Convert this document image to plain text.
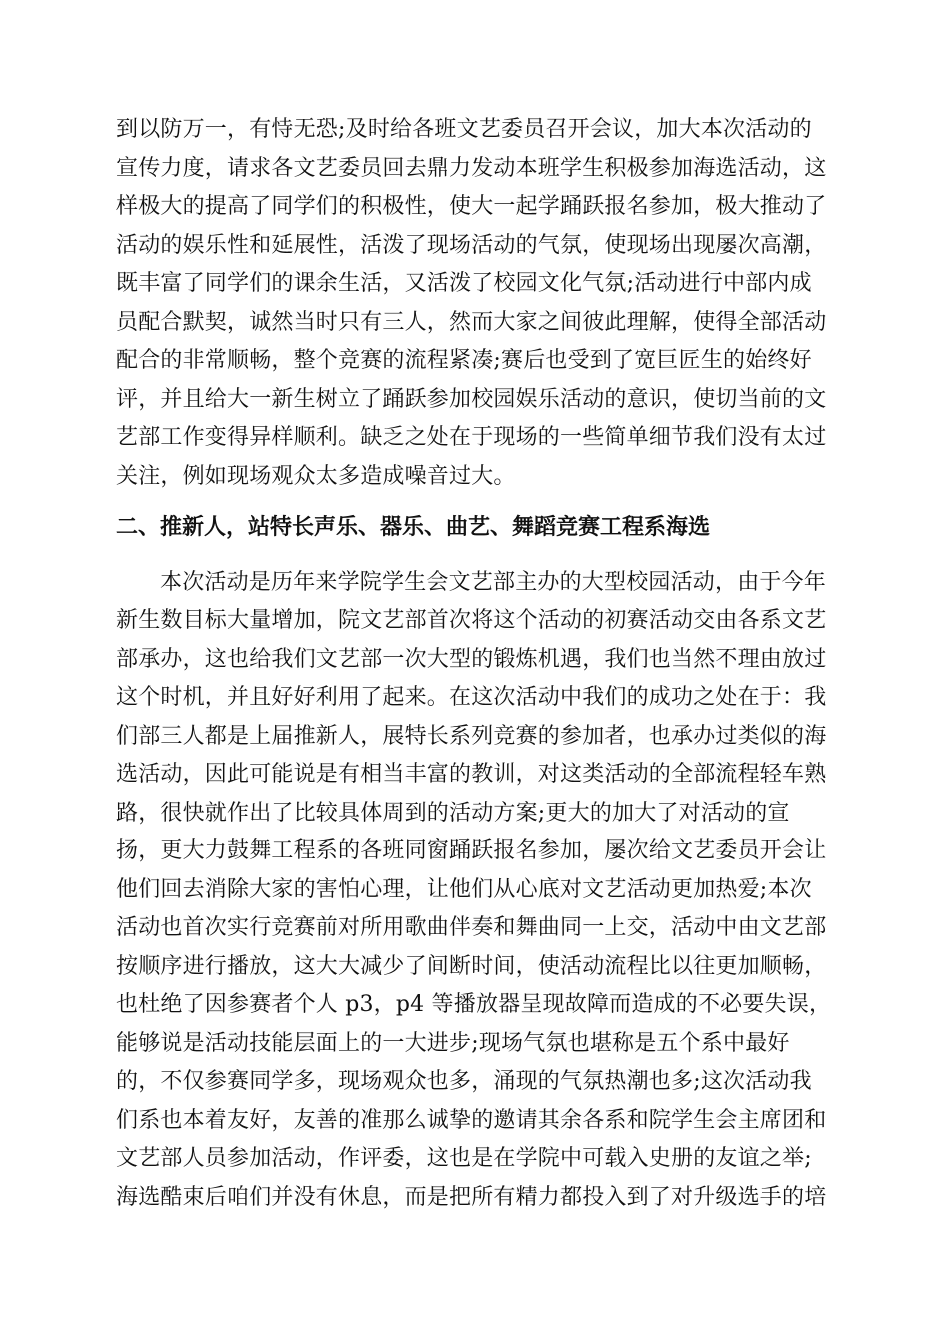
到以防万一，有恃无恐;及时给各班文艺委员召开会议，加大本次活动的
宣传力度，请求各文艺委员回去鼎力发动本班学生积极参加海选活动，这
样极大的提高了同学们的积极性，使大一起学踊跃报名参加，极大推动了
活动的娱乐性和延展性，活泼了现场活动的气氛，使现场出现屡次高潮，
既丰富了同学们的课余生活，又活泼了校园文化气氛;活动进行中部内成
员配合默契，诚然当时只有三人，然而大家之间彼此理解，使得全部活动
配合的非常顺畅，整个竞赛的流程紧凑;赛后也受到了宽巨匠生的始终好
评，并且给大一新生树立了踊跃参加校园娱乐活动的意识，使切当前的文
艺部工作变得异样顺利。缺乏之处在于现场的一些简单细节我们没有太过
关注，例如现场观众太多造成噪音过大。
二、推新人，站特长声乐、器乐、曲艺、舞蹈竞赛工程系海选
本次活动是历年来学院学生会文艺部主办的大型校园活动，由于今年
新生数目标大量增加，院文艺部首次将这个活动的初赛活动交由各系文艺
部承办，这也给我们文艺部一次大型的锻炼机遇，我们也当然不理由放过
这个时机，并且好好利用了起来。在这次活动中我们的成功之处在于：我
们部三人都是上届推新人，展特长系列竞赛的参加者，也承办过类似的海
选活动，因此可能说是有相当丰富的教训，对这类活动的全部流程轻车熟
路，很快就作出了比较具体周到的活动方案;更大的加大了对活动的宣
扬，更大力鼓舞工程系的各班同窗踊跃报名参加，屡次给文艺委员开会让
他们回去消除大家的害怕心理，让他们从心底对文艺活动更加热爱;本次
活动也首次实行竞赛前对所用歌曲伴奏和舞曲同一上交，活动中由文艺部
按顺序进行播放，这大大减少了间断时间，使活动流程比以往更加顺畅，
也杜绝了因参赛者个人 p3，p4 等播放器呈现故障而造成的不必要失误，
能够说是活动技能层面上的一大进步;现场气氛也堪称是五个系中最好
的，不仅参赛同学多，现场观众也多，涌现的气氛热潮也多;这次活动我
们系也本着友好，友善的准那么诚挚的邀请其余各系和院学生会主席团和
文艺部人员参加活动，作评委，这也是在学院中可载入史册的友谊之举;
海选酷束后咱们并没有休息，而是把所有精力都投入到了对升级选手的培
